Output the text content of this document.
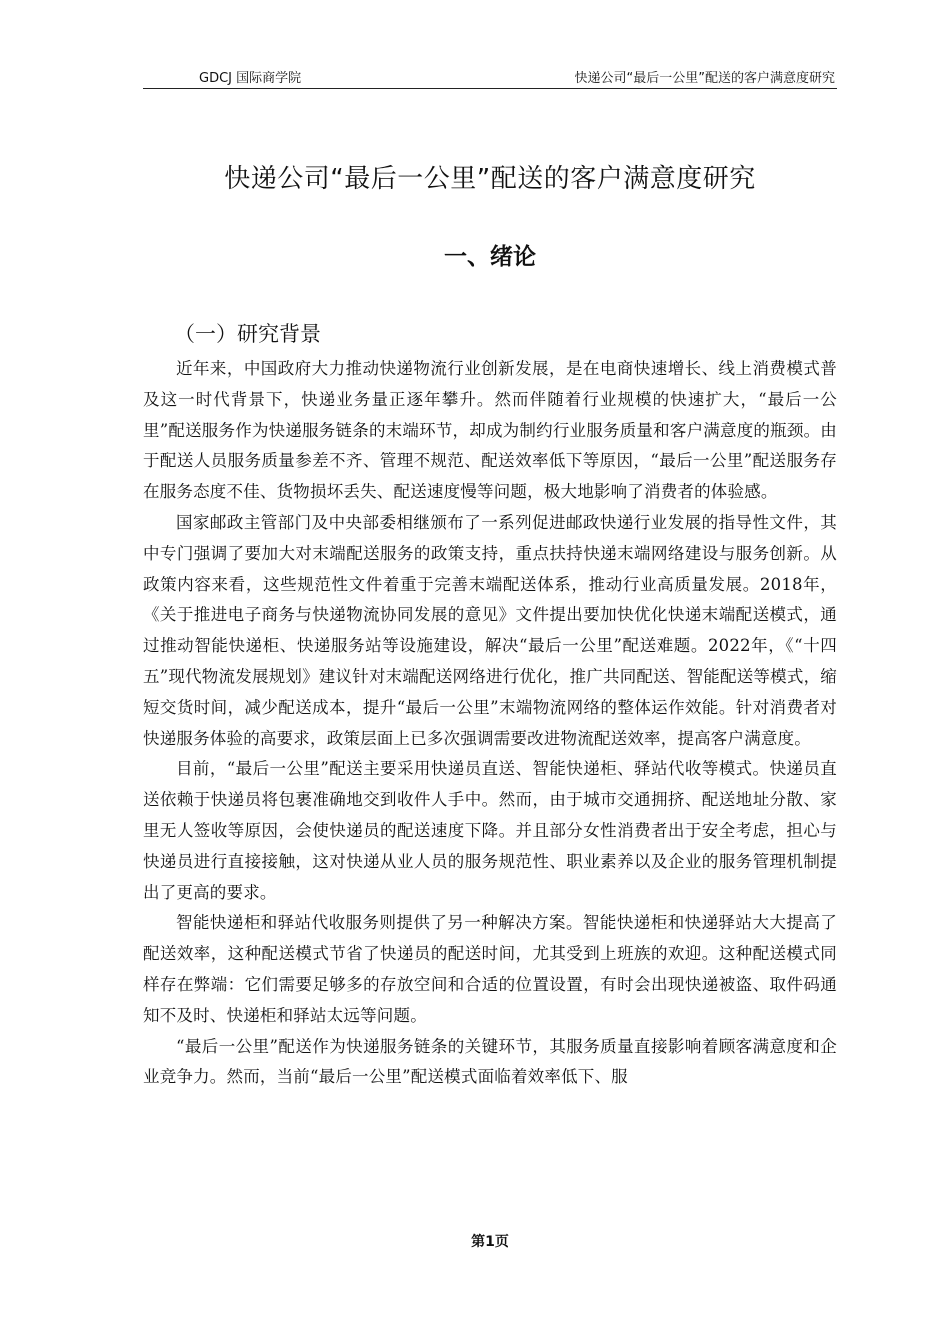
GDCJ 国际商学院	快递公司“最后一公里”配送的客户满意度研究
快递公司“最后一公里”配送的客户满意度研究
一、绪论
（一）研究背景

近年来，中国政府大力推动快递物流行业创新发展，是在电商快速增长、线上消费模式普及这一时代背景下，快递业务量正逐年攀升。然而伴随着行业规模的快速扩大，“最后一公里”配送服务作为快递服务链条的末端环节，却成为制约行业服务质量和客户满意度的瓶颈。由于配送人员服务质量参差不齐、管理不规范、配送效率低下等原因，“最后一公里”配送服务存在服务态度不佳、货物损坏丢失、配送速度慢等问题，极大地影响了消费者的体验感。

国家邮政主管部门及中央部委相继颁布了一系列促进邮政快递行业发展的指导性文件，其中专门强调了要加大对末端配送服务的政策支持，重点扶持快递末端网络建设与服务创新。从政策内容来看，这些规范性文件着重于完善末端配送体系，推动行业高质量发展。2018年，《关于推进电子商务与快递物流协同发展的意见》文件提出要加快优化快递末端配送模式，通过推动智能快递柜、快递服务站等设施建设，解决“最后一公里”配送难题。2022年，《“十四五”现代物流发展规划》建议针对末端配送网络进行优化，推广共同配送、智能配送等模式，缩短交货时间，减少配送成本，提升“最后一公里”末端物流网络的整体运作效能。针对消费者对快递服务体验的高要求，政策层面上已多次强调需要改进物流配送效率，提高客户满意度。

目前，“最后一公里”配送主要采用快递员直送、智能快递柜、驿站代收等模式。快递员直送依赖于快递员将包裹准确地交到收件人手中。然而，由于城市交通拥挤、配送地址分散、家里无人签收等原因，会使快递员的配送速度下降。并且部分女性消费者出于安全考虑，担心与快递员进行直接接触，这对快递从业人员的服务规范性、职业素养以及企业的服务管理机制提出了更高的要求。

智能快递柜和驿站代收服务则提供了另一种解决方案。智能快递柜和快递驿站大大提高了配送效率，这种配送模式节省了快递员的配送时间，尤其受到上班族的欢迎。这种配送模式同样存在弊端：它们需要足够多的存放空间和合适的位置设置，有时会出现快递被盗、取件码通知不及时、快递柜和驿站太远等问题。

“最后一公里”配送作为快递服务链条的关键环节，其服务质量直接影响着顾客满意度和企业竞争力。然而，当前“最后一公里”配送模式面临着效率低下、服

第1页
